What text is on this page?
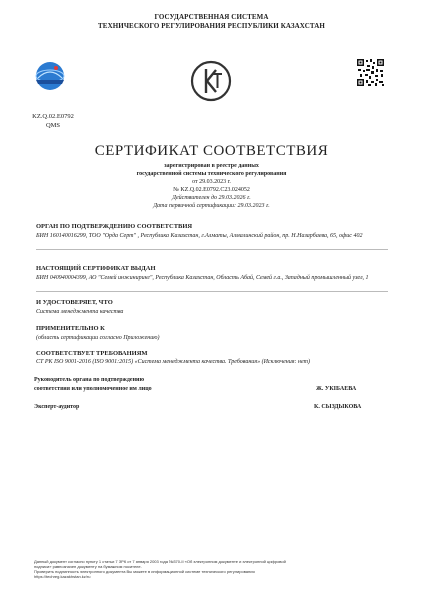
ГОСУДАРСТВЕННАЯ СИСТЕМА
ТЕХНИЧЕСКОГО РЕГУЛИРОВАНИЯ РЕСПУБЛИКИ КАЗАХСТАН
KZ.Q.02.E0792
QMS
СЕРТИФИКАТ СООТВЕТСТВИЯ
зарегистрирован в реестре данных
государственной системы технического регулирования
от 29.03.2023 г.
№ KZ.Q.02.E0792.C23.024052
Действителен до 29.03.2026 г.
Дата первичной сертификации: 29.03.2023 г.
ОРГАН ПО ПОДТВЕРЖДЕНИЮ СООТВЕТСТВИЯ
БИН 160140016299, ТОО "Орда Серт" , Республика Казахстан, г.Алматы, Алмалинский район, пр. Н.Назарбаева, 65, офис 402
НАСТОЯЩИЙ СЕРТИФИКАТ ВЫДАН
БИН 040940004399, АО "Семей инжиниринг", Республика Казахстан, Область Абай, Семей г.а., Западный промышленный узел, 1
И УДОСТОВЕРЯЕТ, ЧТО
Система менеджмента качества
ПРИМЕНИТЕЛЬНО К
(область сертификации согласно Приложению)
СООТВЕТСТВУЕТ ТРЕБОВАНИЯМ
СТ РК ISO 9001-2016 (ISO 9001:2015) «Система менеджмента качества. Требования» (Исключения: нет)
Руководитель органа по подтверждению
соответствия или уполномоченное им лицо	Ж. УКІБАЕВА
Эксперт-аудитор	К. СЫЗДЫКОВА
Данный документ согласно пункту 1 статьи 7 ЗРК от 7 января 2003 года №370-II «Об электронном документе и электронной цифровой
подписи» равнозначен документу на бумажном носителе.
Проверить подлинность электронного документа Вы можете в информационной системе технического регулирования
https://techreg.kazakhstan.kz/ru
